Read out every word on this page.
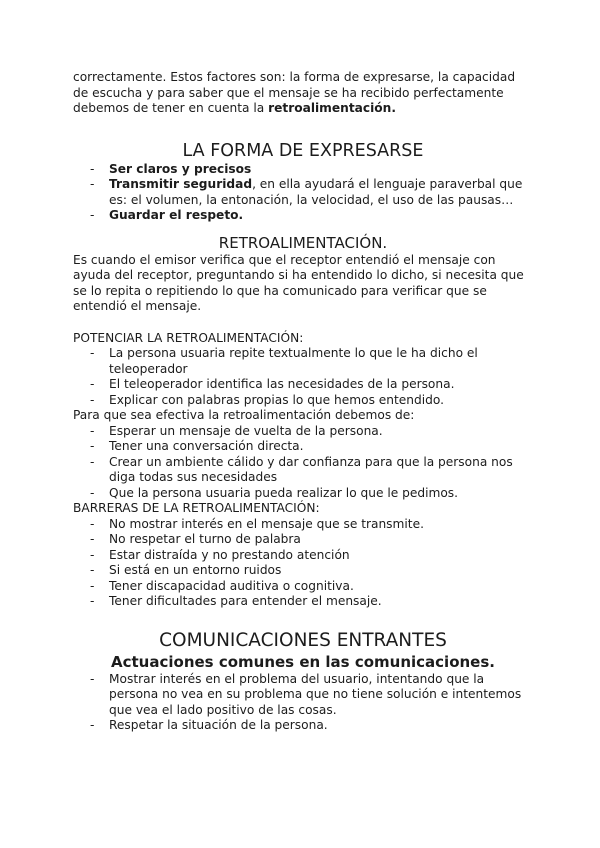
correctamente. Estos factores son: la forma de expresarse, la capacidad de escucha y para saber que el mensaje se ha recibido perfectamente debemos de tener en cuenta la retroalimentación.

LA FORMA DE EXPRESARSE
- Ser claros y precisos
- Transmitir seguridad, en ella ayudará el lenguaje paraverbal que es: el volumen, la entonación, la velocidad, el uso de las pausas…
- Guardar el respeto.
RETROALIMENTACIÓN.

Es cuando el emisor verifica que el receptor entendió el mensaje con ayuda del receptor, preguntando si ha entendido lo dicho, si necesita que se lo repita o repitiendo lo que ha comunicado para verificar que se entendió el mensaje.

POTENCIAR LA RETROALIMENTACIÓN:
- La persona usuaria repite textualmente lo que le ha dicho el teleoperador
- El teleoperador identifica las necesidades de la persona.
- Explicar con palabras propias lo que hemos entendido.

Para que sea efectiva la retroalimentación debemos de:

- Esperar un mensaje de vuelta de la persona.
- Tener una conversación directa.
- Crear un ambiente cálido y dar confianza para que la persona nos diga todas sus necesidades
- Que la persona usuaria pueda realizar lo que le pedimos.
BARRERAS DE LA RETROALIMENTACIÓN:
- No mostrar interés en el mensaje que se transmite.
- No respetar el turno de palabra
- Estar distraída y no prestando atención
- Si está en un entorno ruidos
- Tener discapacidad auditiva o cognitiva.
- Tener dificultades para entender el mensaje.
COMUNICACIONES ENTRANTES

Actuaciones comunes en las comunicaciones.

- Mostrar interés en el problema del usuario, intentando que la persona no vea en su problema que no tiene solución e intentemos que vea el lado positivo de las cosas.
- Respetar la situación de la persona.
